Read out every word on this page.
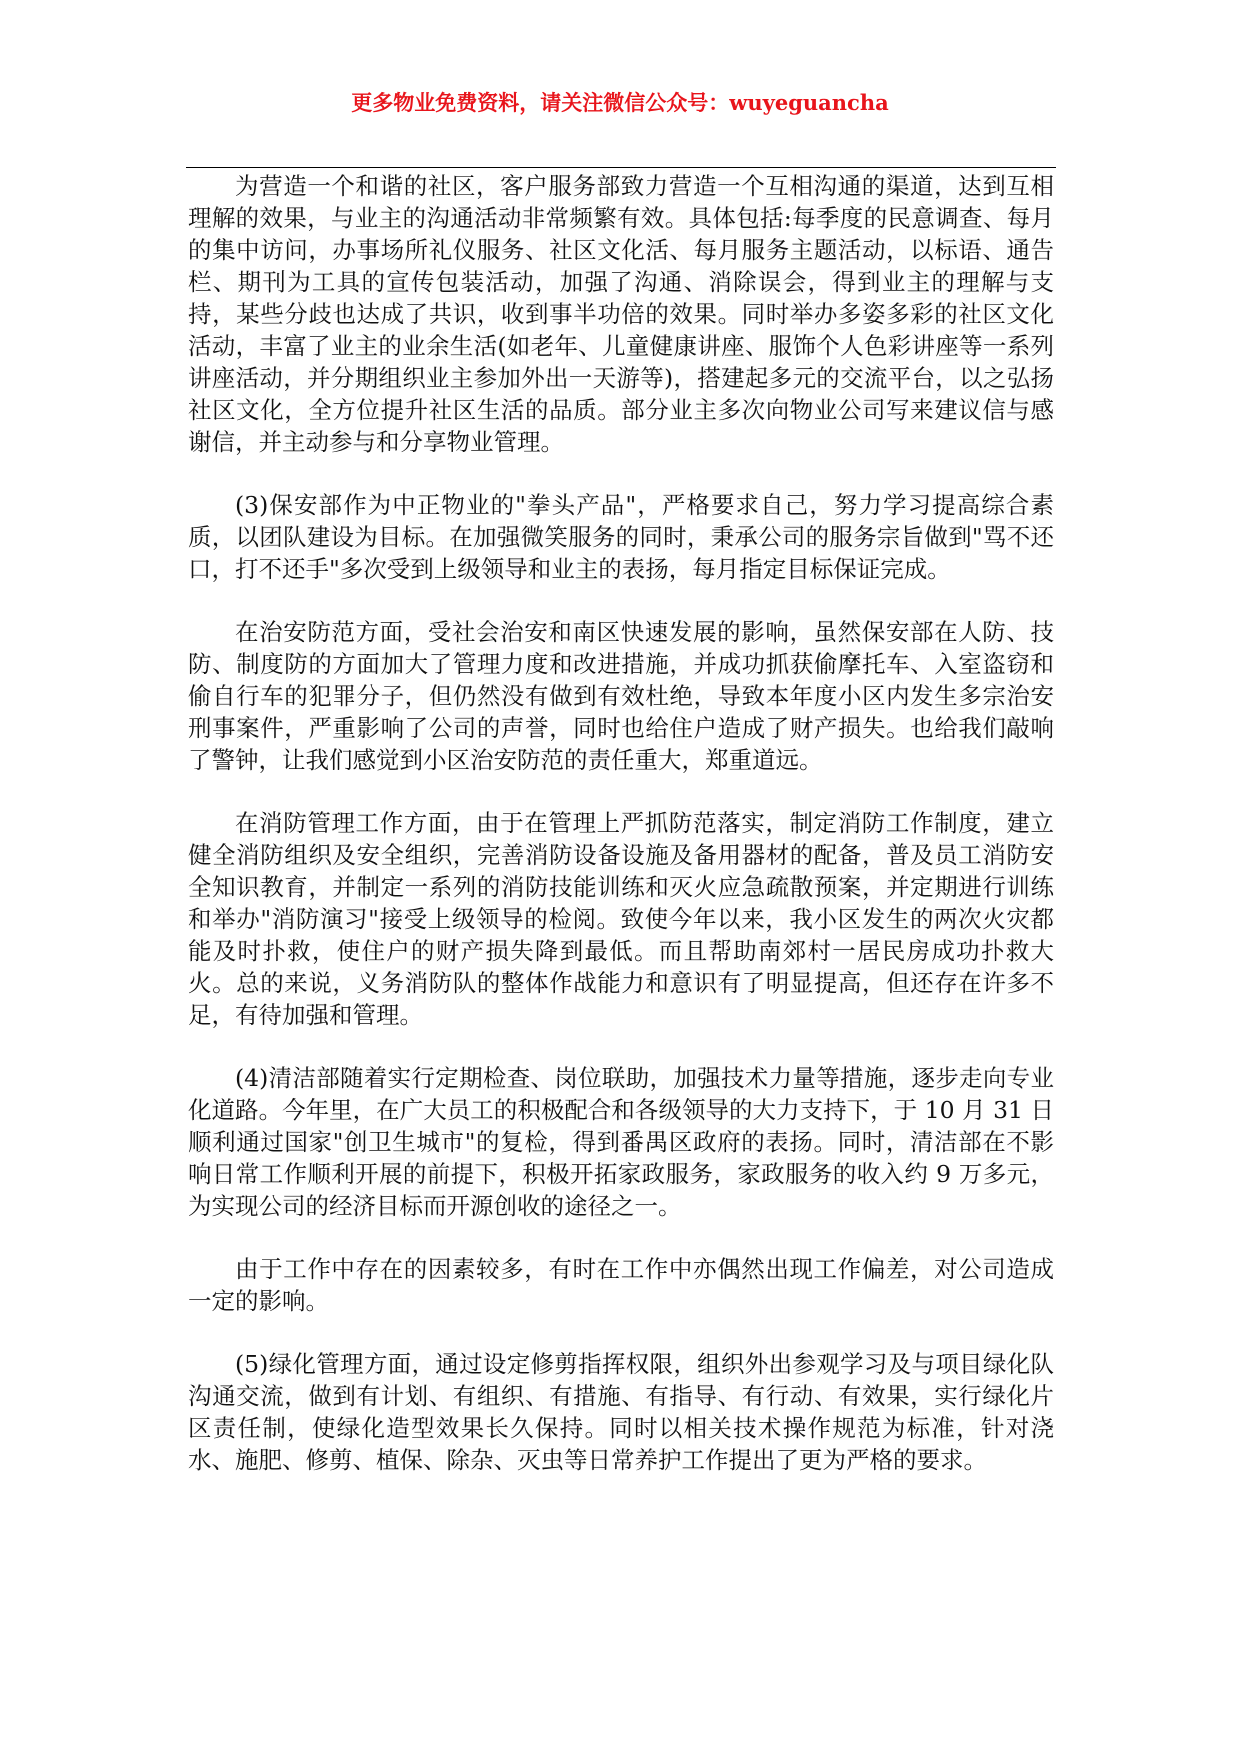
更多物业免费资料，请关注微信公众号：wuyeguancha

为营造一个和谐的社区，客户服务部致力营造一个互相沟通的渠道，达到互相理解的效果，与业主的沟通活动非常频繁有效。具体包括:每季度的民意调查、每月的集中访问，办事场所礼仪服务、社区文化活、每月服务主题活动，以标语、通告栏、期刊为工具的宣传包装活动，加强了沟通、消除误会，得到业主的理解与支持，某些分歧也达成了共识，收到事半功倍的效果。同时举办多姿多彩的社区文化活动，丰富了业主的业余生活(如老年、儿童健康讲座、服饰个人色彩讲座等一系列讲座活动，并分期组织业主参加外出一天游等)，搭建起多元的交流平台，以之弘扬社区文化，全方位提升社区生活的品质。部分业主多次向物业公司写来建议信与感谢信，并主动参与和分享物业管理。

(3)保安部作为中正物业的"拳头产品"，严格要求自己，努力学习提高综合素质，以团队建设为目标。在加强微笑服务的同时，秉承公司的服务宗旨做到"骂不还口，打不还手"多次受到上级领导和业主的表扬，每月指定目标保证完成。

在治安防范方面，受社会治安和南区快速发展的影响，虽然保安部在人防、技防、制度防的方面加大了管理力度和改进措施，并成功抓获偷摩托车、入室盗窃和偷自行车的犯罪分子，但仍然没有做到有效杜绝，导致本年度小区内发生多宗治安刑事案件，严重影响了公司的声誉，同时也给住户造成了财产损失。也给我们敲响了警钟，让我们感觉到小区治安防范的责任重大，郑重道远。

在消防管理工作方面，由于在管理上严抓防范落实，制定消防工作制度，建立健全消防组织及安全组织，完善消防设备设施及备用器材的配备，普及员工消防安全知识教育，并制定一系列的消防技能训练和灭火应急疏散预案，并定期进行训练和举办"消防演习"接受上级领导的检阅。致使今年以来，我小区发生的两次火灾都能及时扑救，使住户的财产损失降到最低。而且帮助南郊村一居民房成功扑救大火。总的来说，义务消防队的整体作战能力和意识有了明显提高，但还存在许多不足，有待加强和管理。

(4)清洁部随着实行定期检查、岗位联助，加强技术力量等措施，逐步走向专业化道路。今年里，在广大员工的积极配合和各级领导的大力支持下，于 10 月 31 日顺利通过国家"创卫生城市"的复检，得到番禺区政府的表扬。同时，清洁部在不影响日常工作顺利开展的前提下，积极开拓家政服务，家政服务的收入约 9 万多元，为实现公司的经济目标而开源创收的途径之一。

由于工作中存在的因素较多，有时在工作中亦偶然出现工作偏差，对公司造成一定的影响。

(5)绿化管理方面，通过设定修剪指挥权限，组织外出参观学习及与项目绿化队沟通交流，做到有计划、有组织、有措施、有指导、有行动、有效果，实行绿化片区责任制，使绿化造型效果长久保持。同时以相关技术操作规范为标准，针对浇水、施肥、修剪、植保、除杂、灭虫等日常养护工作提出了更为严格的要求。
